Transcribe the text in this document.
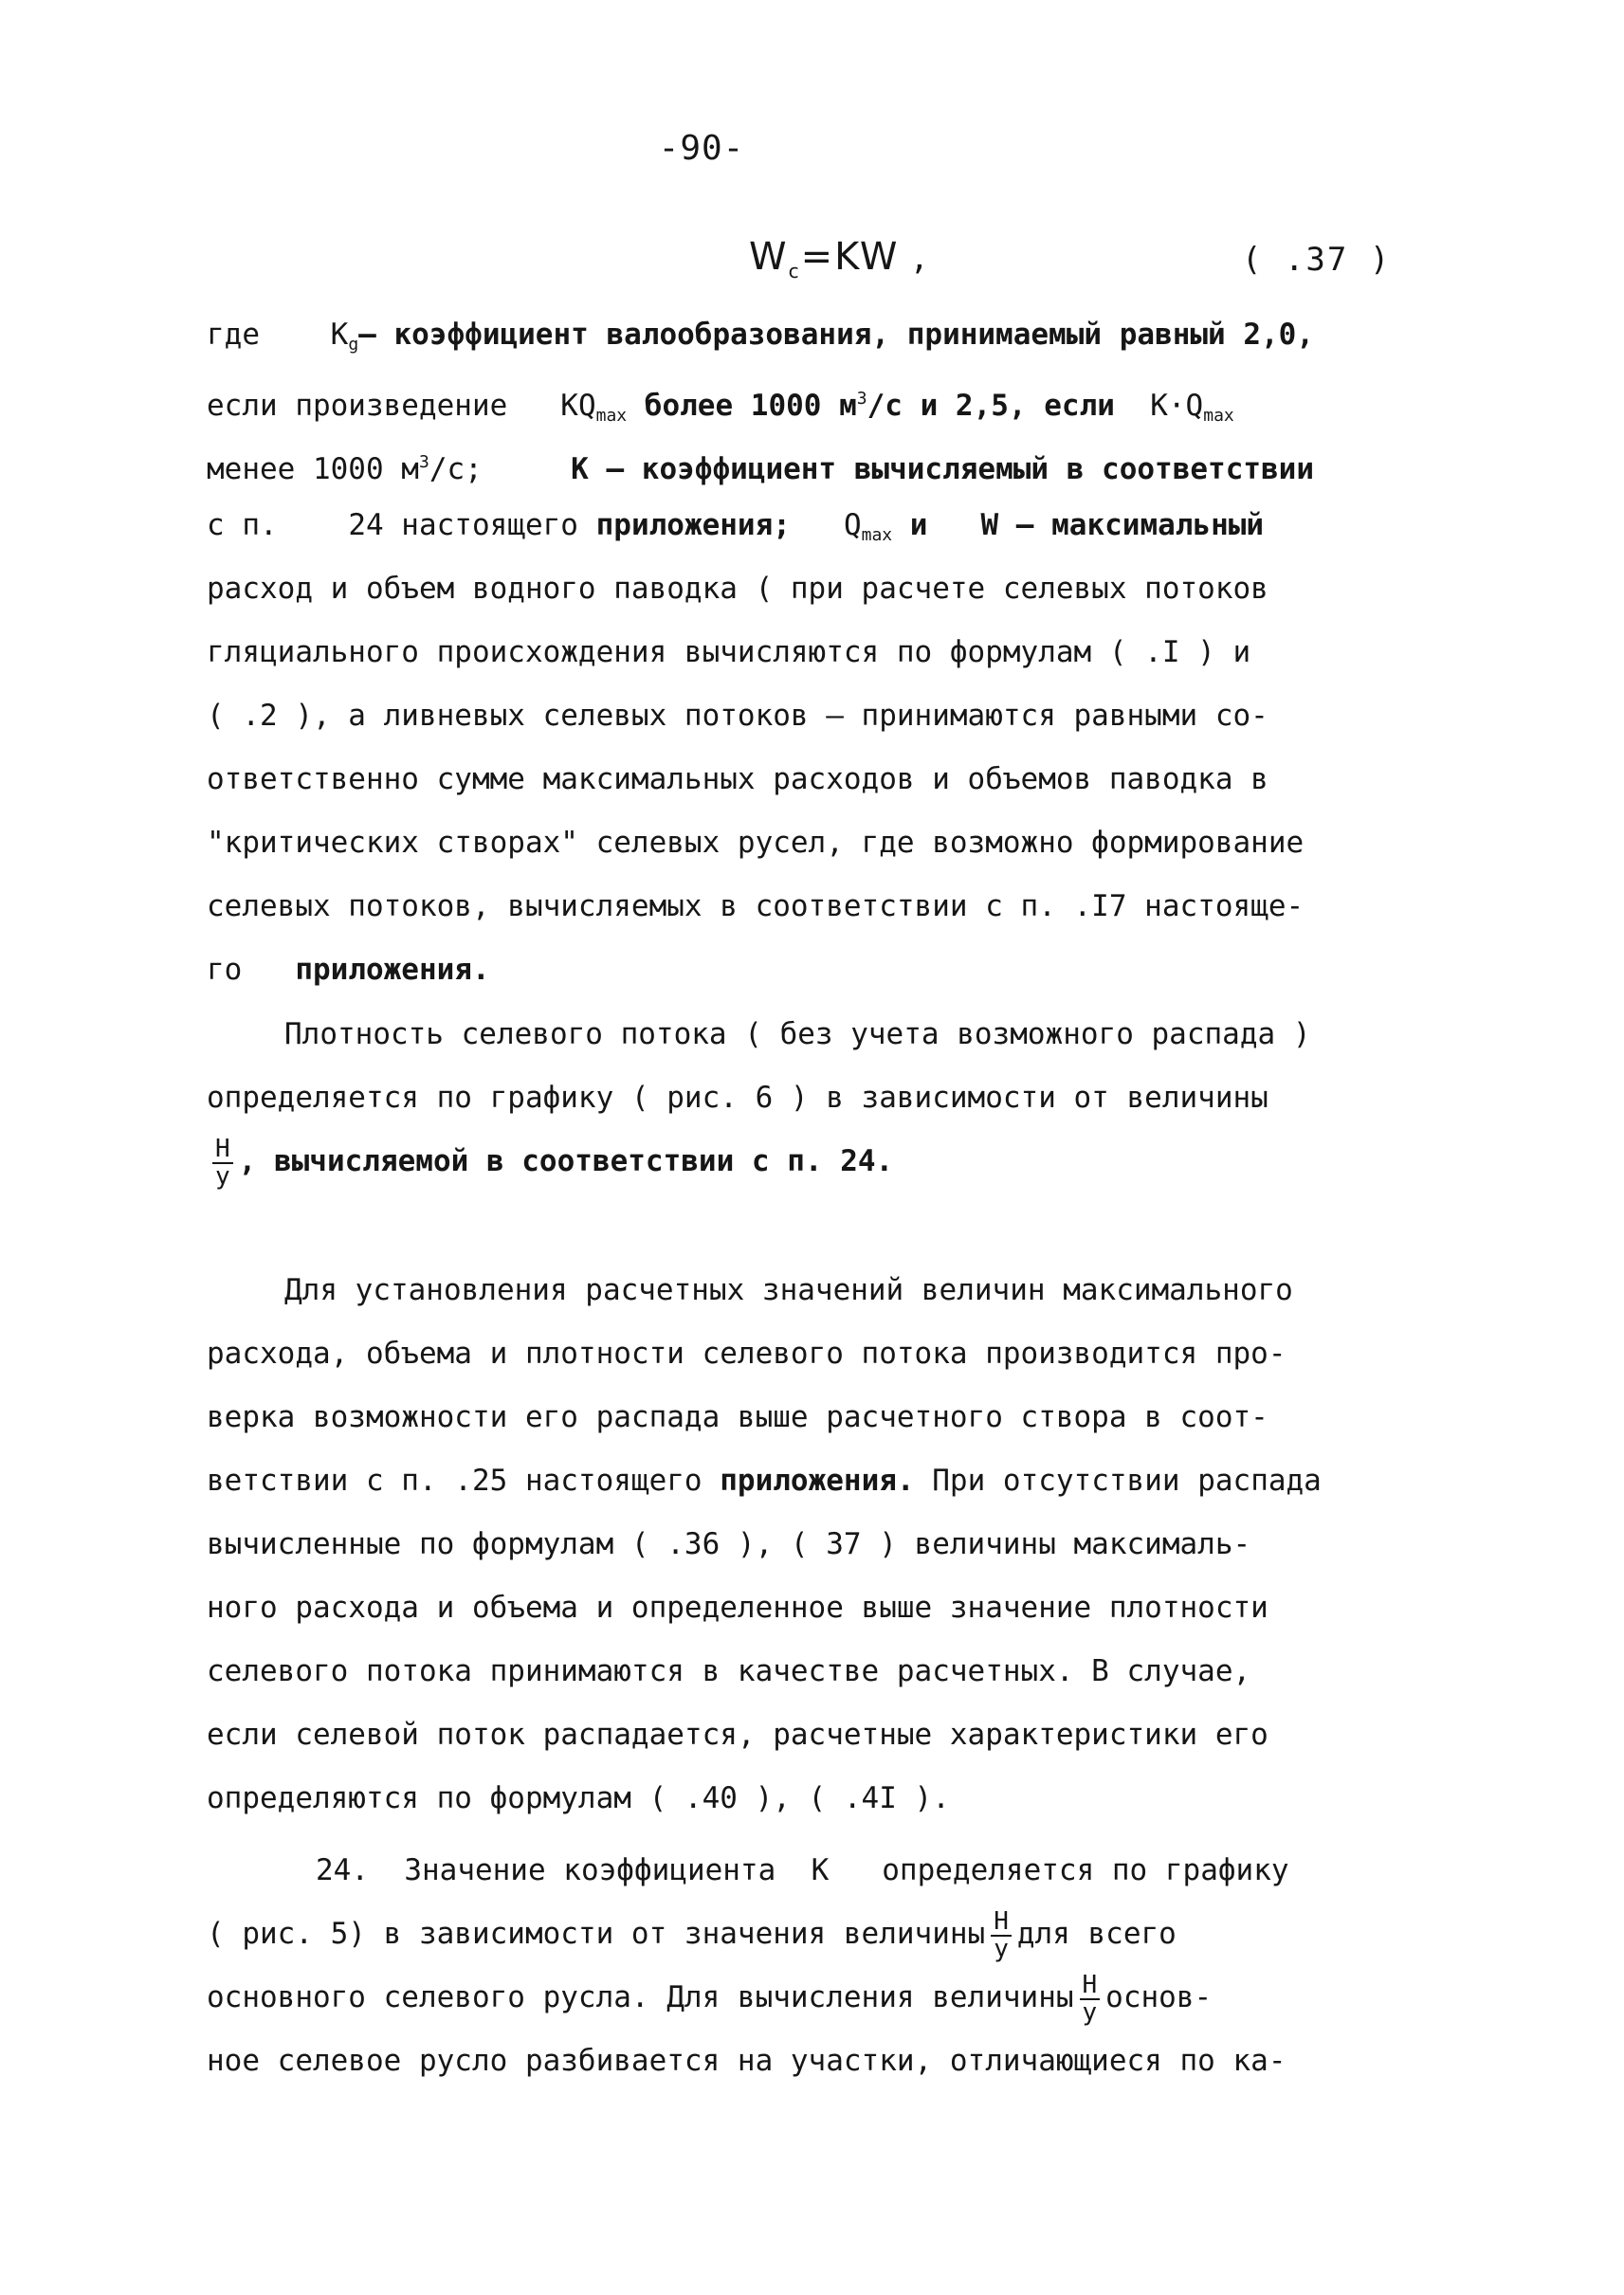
-90-
$W_c=KW$ ,	( .37 )
где $K_g-$ коэффициент валообразования, принимаемый равный 2,0,
если произведение $KQ_{max}$ более 1000 $м^3/с$ и 2,5, если $K\cdot Q_{max}$
менее 1000 $м^3/с$;	K – коэффициент вычисляемый в соответствии
с п. 24 настоящего приложения; $Q_{max}$ и W – максимальный
расход и объем водного паводка ( при расчете селевых потоков
гляциального происхождения вычисляются по формулам ( .I ) и
( .2 ), а ливневых селевых потоков – принимаются равными со-
ответственно сумме максимальных расходов и объемов паводка в
"критических створах" селевых русел, где возможно формирование
селевых потоков, вычисляемых в соответствии с п. .I7 настояще-
го приложения.
Плотность селевого потока ( без учета возможного распада )
определяется по графику ( рис. 6 ) в зависимости от величины
$\frac{H}{y}$ , вычисляемой в соответствии с п. 24.
Для установления расчетных значений величин максимального
расхода, объема и плотности селевого потока производится про-
верка возможности его распада выше расчетного створа в соот-
ветствии с п. .25 настоящего приложения. При отсутствии распада
вычисленные по формулам ( .36 ), ( 37 ) величины максималь-
ного расхода и объема и определенное выше значение плотности
селевого потока принимаются в качестве расчетных. В случае,
если селевой поток распадается, расчетные характеристики его
определяются по формулам ( .40 ), ( .4I ).
24. Значение коэффициента K определяется по графику
( рис. 5) в зависимости от значения величины $\frac{H}{y}$ для всего
основного селевого русла. Для вычисления величины $\frac{H}{y}$ основ-
ное селевое русло разбивается на участки, отличающиеся по ка-
